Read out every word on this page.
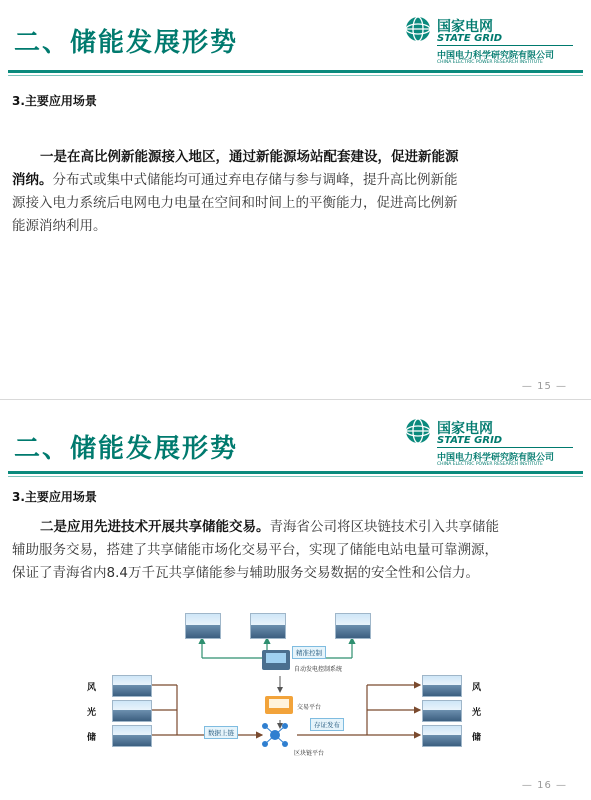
二、储能发展形势
国家电网
STATE GRID
中国电力科学研究院有限公司
CHINA ELECTRIC POWER RESEARCH INSTITUTE
3.主要应用场景
一是在高比例新能源接入地区，通过新能源场站配套建设，促进新能源
消纳。分布式或集中式储能均可通过弃电存储与参与调峰，提升高比例新能
源接入电力系统后电网电力电量在空间和时间上的平衡能力，促进高比例新
能源消纳利用。
— 15 —
二、储能发展形势
国家电网
STATE GRID
中国电力科学研究院有限公司
CHINA ELECTRIC POWER RESEARCH INSTITUTE
3.主要应用场景
二是应用先进技术开展共享储能交易。青海省公司将区块链技术引入共享储能
辅助服务交易，搭建了共享储能市场化交易平台，实现了储能电站电量可靠溯源，
保证了青海省内8.4万千瓦共享储能参与辅助服务交易数据的安全性和公信力。
风
光
储
精准控制
自动发电控制系统
交易平台
数据上链
存证发布
区块链平台
风
光
储
— 16 —
